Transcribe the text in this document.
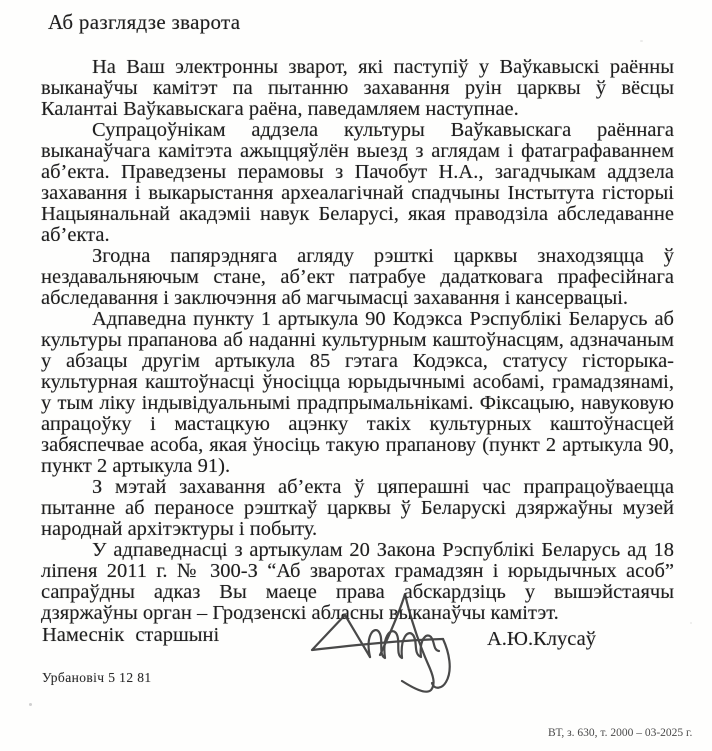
Аб разглядзе зварота

На Ваш электронны зварот, які паступіў у Ваўкавыскі раённы выканаўчы камітэт па пытанню захавання руін царквы ў вёсцы Калантаі Ваўкавыскага раёна, паведамляем наступнае.

Супрацоўнікам аддзела культуры Ваўкавыскага раённага выканаўчага камітэта ажыццяўлён выезд з аглядам і фатаграфаваннем аб’екта. Праведзены перамовы з Пачобут Н.А., загадчыкам аддзела захавання і выкарыстання археалагічнай спадчыны Інстытута гісторыі Нацыянальнай акадэміі навук Беларусі, якая праводзіла абследаванне аб’екта.

Згодна папярэдняга агляду рэшткі царквы знаходзяцца ў нездавальняючым стане, аб’ект патрабуе дадатковага прафесійнага абследавання і заключэння аб магчымасці захавання і кансервацыі.

Адпаведна пункту 1 артыкула 90 Кодэкса Рэспублікі Беларусь аб культуры прапанова аб наданні культурным каштоўнасцям, адзначаным у абзацы другім артыкула 85 гэтага Кодэкса, статусу гісторыка-культурная каштоўнасці ўносіцца юрыдычнымі асобамі, грамадзянамі, у тым ліку індывідуальнымі прадпрымальнікамі. Фіксацыю, навуковую апрацоўку і мастацкую ацэнку такіх культурных каштоўнасцей забяспечвае асоба, якая ўносіць такую прапанову (пункт 2 артыкула 90, пункт 2 артыкула 91).

З мэтай захавання аб’екта ў цяперашні час прапрацоўваецца пытанне аб пераносе рэшткаў царквы ў Беларускі дзяржаўны музей народнай архітэктуры і побыту.

У адпаведнасці з артыкулам 20 Закона Рэспублікі Беларусь ад 18 ліпеня 2011 г. № 300-З “Аб зваротах грамадзян і юрыдычных асоб” сапраўдны адказ Вы маеце права абскардзіць у вышэйстаячы дзяржаўны орган – Гродзенскі абласны выканаўчы камітэт.

Намеснік старшыні	А.Ю.Клусаў
Урбановіч 5 12 81
ВТ, з. 630, т. 2000 – 03-2025 г.
